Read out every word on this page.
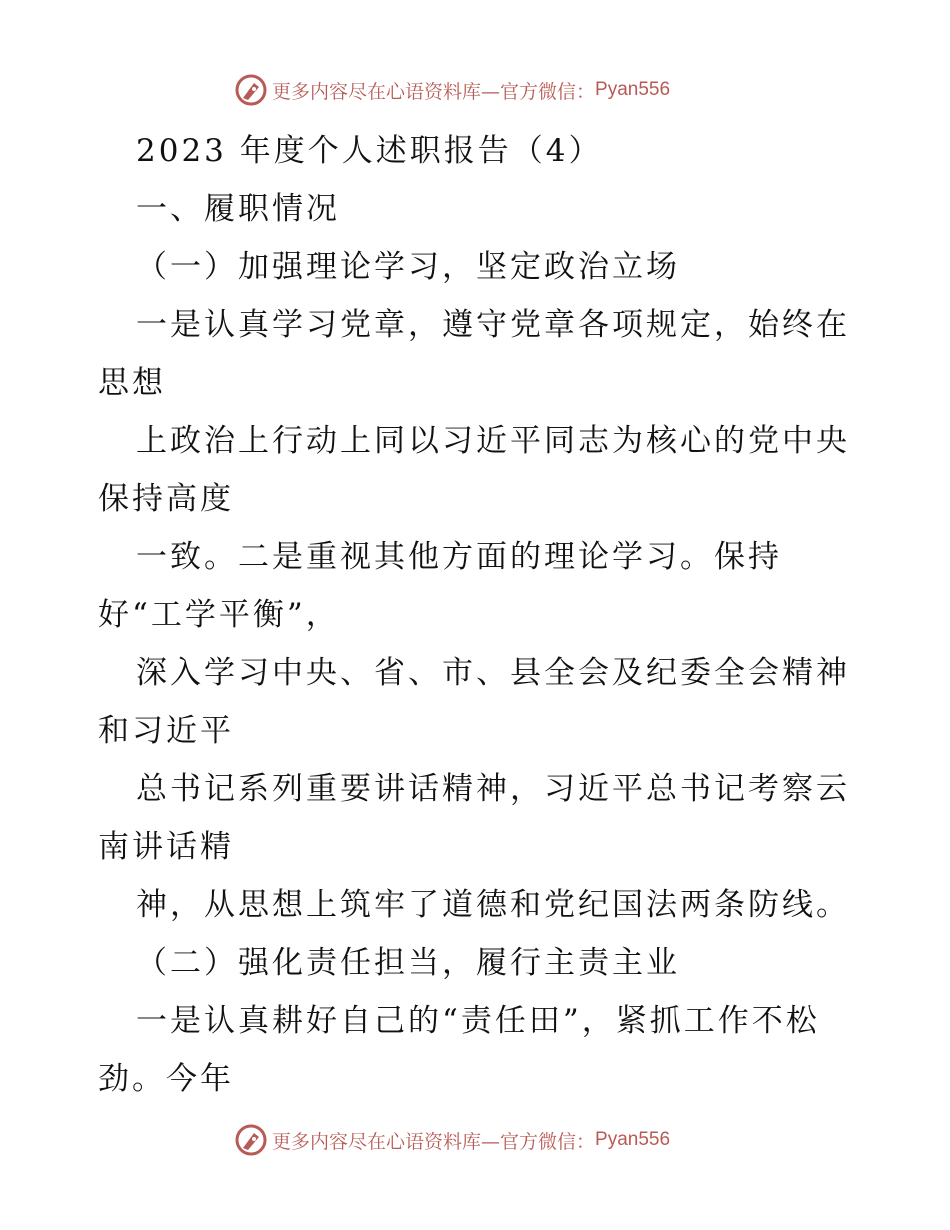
更多内容尽在心语资料库—官方微信： Pyan556
2023 年度个人述职报告（4）
一、履职情况
（一）加强理论学习，坚定政治立场
一是认真学习党章，遵守党章各项规定，始终在
思想
上政治上行动上同以习近平同志为核心的党中央
保持高度
一致。二是重视其他方面的理论学习。保持
好“工学平衡”，
深入学习中央、省、市、县全会及纪委全会精神
和习近平
总书记系列重要讲话精神，习近平总书记考察云
南讲话精
神，从思想上筑牢了道德和党纪国法两条防线。
（二）强化责任担当，履行主责主业
一是认真耕好自己的“责任田”，紧抓工作不松
劲。今年
更多内容尽在心语资料库—官方微信： Pyan556
